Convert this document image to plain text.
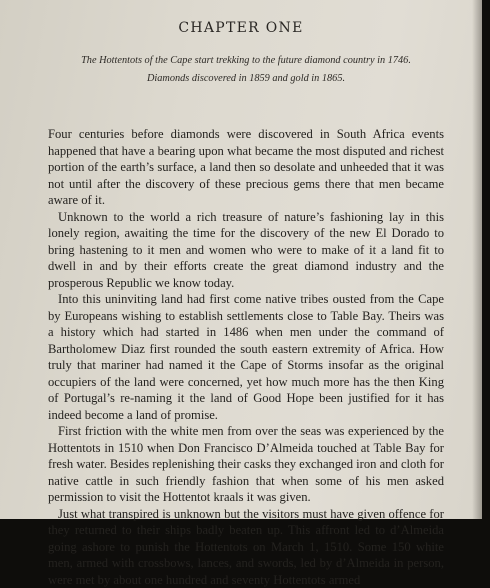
CHAPTER ONE
The Hottentots of the Cape start trekking to the future diamond country in 1746.
Diamonds discovered in 1859 and gold in 1865.

Four centuries before diamonds were discovered in South Africa events happened that have a bearing upon what became the most disputed and richest portion of the earth’s surface, a land then so desolate and unheeded that it was not until after the discovery of these precious gems there that men became aware of it.

Unknown to the world a rich treasure of nature’s fashioning lay in this lonely region, awaiting the time for the discovery of the new El Dorado to bring hastening to it men and women who were to make of it a land fit to dwell in and by their efforts create the great diamond industry and the prosperous Republic we know today.

Into this uninviting land had first come native tribes ousted from the Cape by Europeans wishing to establish settlements close to Table Bay. Theirs was a history which had started in 1486 when men under the command of Bartholomew Diaz first rounded the south eastern extremity of Africa. How truly that mariner had named it the Cape of Storms insofar as the original occupiers of the land were concerned, yet how much more has the then King of Portugal’s re-naming it the land of Good Hope been justified for it has indeed become a land of promise.

First friction with the white men from over the seas was experienced by the Hottentots in 1510 when Don Francisco D’Almeida touched at Table Bay for fresh water. Besides replenishing their casks they exchanged iron and cloth for native cattle in such friendly fashion that when some of his men asked permission to visit the Hottentot kraals it was given.

Just what transpired is unknown but the visitors must have given offence for they returned to their ships badly beaten up. This affront led to d’Almeida going ashore to punish the Hottentots on March 1, 1510. Some 150 white men, armed with crossbows, lances, and swords, led by d’Almeida in person, were met by about one hundred and seventy Hottentots armed
